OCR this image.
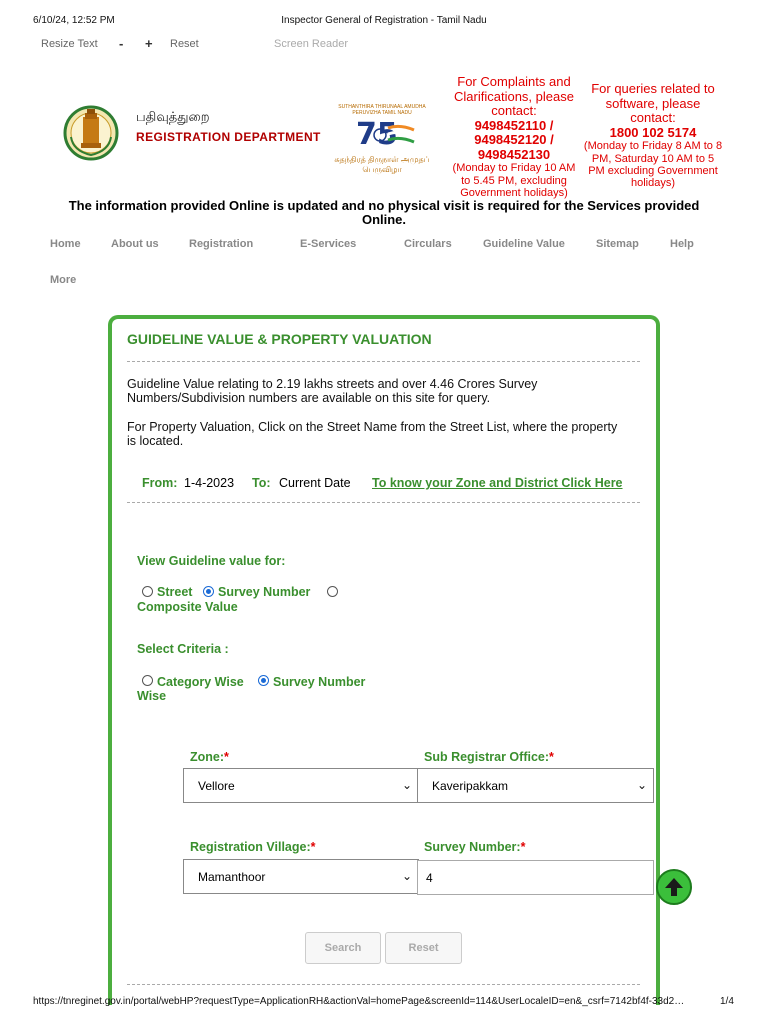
6/10/24, 12:52 PM	Inspector General of Registration - Tamil Nadu
Resize Text - + Reset	Screen Reader
பதிவுத்துறை
REGISTRATION DEPARTMENT
SUTHANTHIRA THIRUNAAL AMUDHA PERUVIZHA TAMIL NADU
75
சுதந்திரத் திருநாள் அமுதப் பெருவிழா
For Complaints and Clarifications, please contact:
9498452110 /
9498452120 /
9498452130
(Monday to Friday 10 AM to 5.45 PM, excluding Government holidays)
For queries related to software, please contact:
1800 102 5174
(Monday to Friday 8 AM to 8 PM, Saturday 10 AM to 5 PM excluding Government holidays)
The information provided Online is updated and no physical visit is required for the Services provided Online.
Home	About us	Registration	E-Services	Circulars	Guideline Value	Sitemap	Help
More
GUIDELINE VALUE & PROPERTY VALUATION
Guideline Value relating to 2.19 lakhs streets and over 4.46 Crores Survey Numbers/Subdivision numbers are available on this site for query.
For Property Valuation, Click on the Street Name from the Street List, where the property is located.
From: 1-4-2023 To: Current Date To know your Zone and District Click Here
View Guideline value for:
Street Survey Number
Composite Value
Select Criteria :
Category Wise Survey Number
Wise
Zone:*
Vellore	⌄
Sub Registrar Office:*
Kaveripakkam	⌄
Registration Village:*
Mamanthoor	⌄
Survey Number:*
4
Search	Reset
https://tnreginet.gov.in/portal/webHP?requestType=ApplicationRH&actionVal=homePage&screenId=114&UserLocaleID=en&_csrf=7142bf4f-33d2…	1/4
